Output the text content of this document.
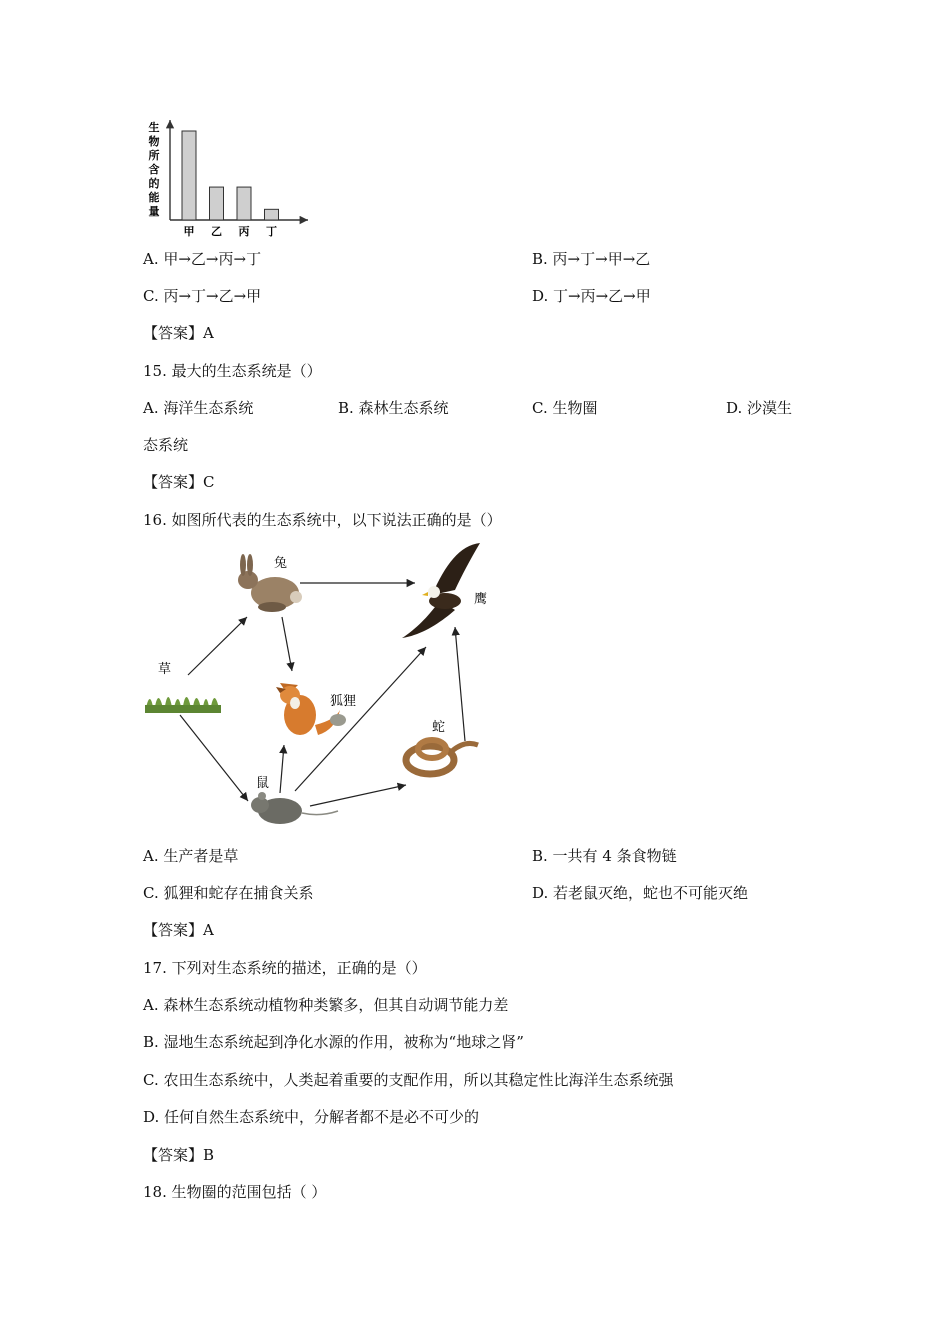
生
物
所
含
的
能
量
甲 乙 丙 丁
A. 甲→乙→丙→丁	B. 丙→丁→甲→乙
C. 丙→丁→乙→甲	D. 丁→丙→乙→甲
【答案】A
15. 最大的生态系统是（）
A. 海洋生态系统	B. 森林生态系统	C. 生物圈	D. 沙漠生
态系统
【答案】C
16. 如图所代表的生态系统中，以下说法正确的是（）
兔
鹰
草
狐狸
蛇
鼠
A. 生产者是草	B. 一共有 4 条食物链
C. 狐狸和蛇存在捕食关系	D. 若老鼠灭绝，蛇也不可能灭绝
【答案】A
17. 下列对生态系统的描述，正确的是（）
A. 森林生态系统动植物种类繁多，但其自动调节能力差
B. 湿地生态系统起到净化水源的作用，被称为“地球之肾”
C. 农田生态系统中，人类起着重要的支配作用，所以其稳定性比海洋生态系统强
D. 任何自然生态系统中，分解者都不是必不可少的
【答案】B
18. 生物圈的范围包括（ ）
